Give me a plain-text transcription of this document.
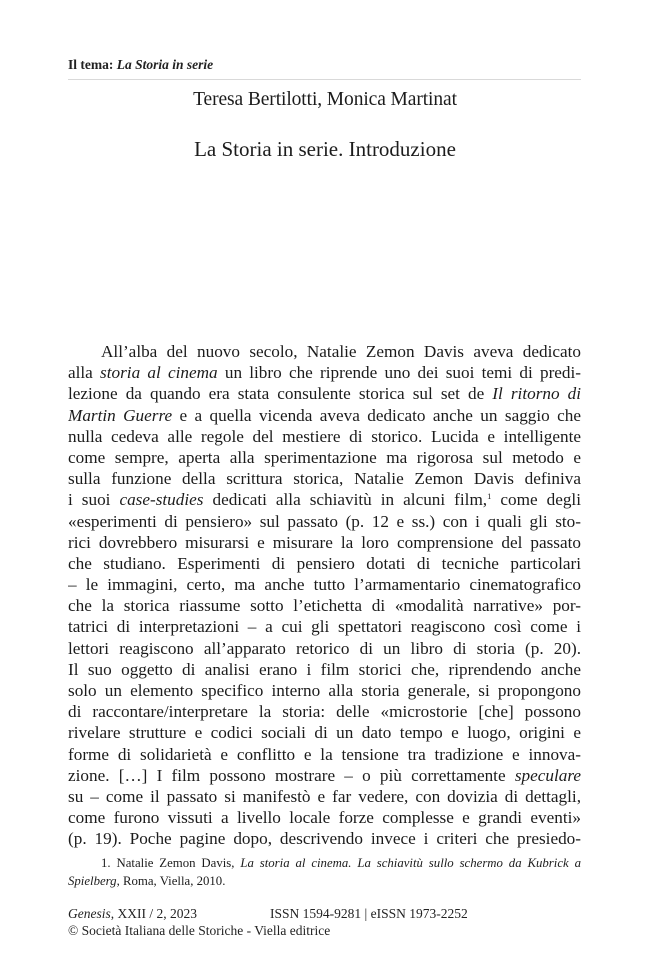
Il tema: La Storia in serie
Teresa Bertilotti, Monica Martinat
La Storia in serie. Introduzione
All’alba del nuovo secolo, Natalie Zemon Davis aveva dedicato
alla storia al cinema un libro che riprende uno dei suoi temi di predi-
lezione da quando era stata consulente storica sul set de Il ritorno di
Martin Guerre e a quella vicenda aveva dedicato anche un saggio che
nulla cedeva alle regole del mestiere di storico. Lucida e intelligente
come sempre, aperta alla sperimentazione ma rigorosa sul metodo e
sulla funzione della scrittura storica, Natalie Zemon Davis definiva
i suoi case-studies dedicati alla schiavitù in alcuni film,$^1$ come degli
«esperimenti di pensiero» sul passato (p. 12 e ss.) con i quali gli sto-
rici dovrebbero misurarsi e misurare la loro comprensione del passato
che studiano. Esperimenti di pensiero dotati di tecniche particolari
– le immagini, certo, ma anche tutto l’armamentario cinematografico
che la storica riassume sotto l’etichetta di «modalità narrative» por-
tatrici di interpretazioni – a cui gli spettatori reagiscono così come i
lettori reagiscono all’apparato retorico di un libro di storia (p. 20).
Il suo oggetto di analisi erano i film storici che, riprendendo anche
solo un elemento specifico interno alla storia generale, si propongono
di raccontare/interpretare la storia: delle «microstorie [che] possono
rivelare strutture e codici sociali di un dato tempo e luogo, origini e
forme di solidarietà e conflitto e la tensione tra tradizione e innova-
zione. […] I film possono mostrare – o più correttamente speculare
su – come il passato si manifestò e far vedere, con dovizia di dettagli,
come furono vissuti a livello locale forze complesse e grandi eventi»
(p. 19). Poche pagine dopo, descrivendo invece i criteri che presiedo-
1. Natalie Zemon Davis, La storia al cinema. La schiavitù sullo schermo da Kubrick a
Spielberg, Roma, Viella, 2010.
Genesis, XXII / 2, 2023	ISSN 1594-9281 | eISSN 1973-2252
© Società Italiana delle Storiche - Viella editrice
